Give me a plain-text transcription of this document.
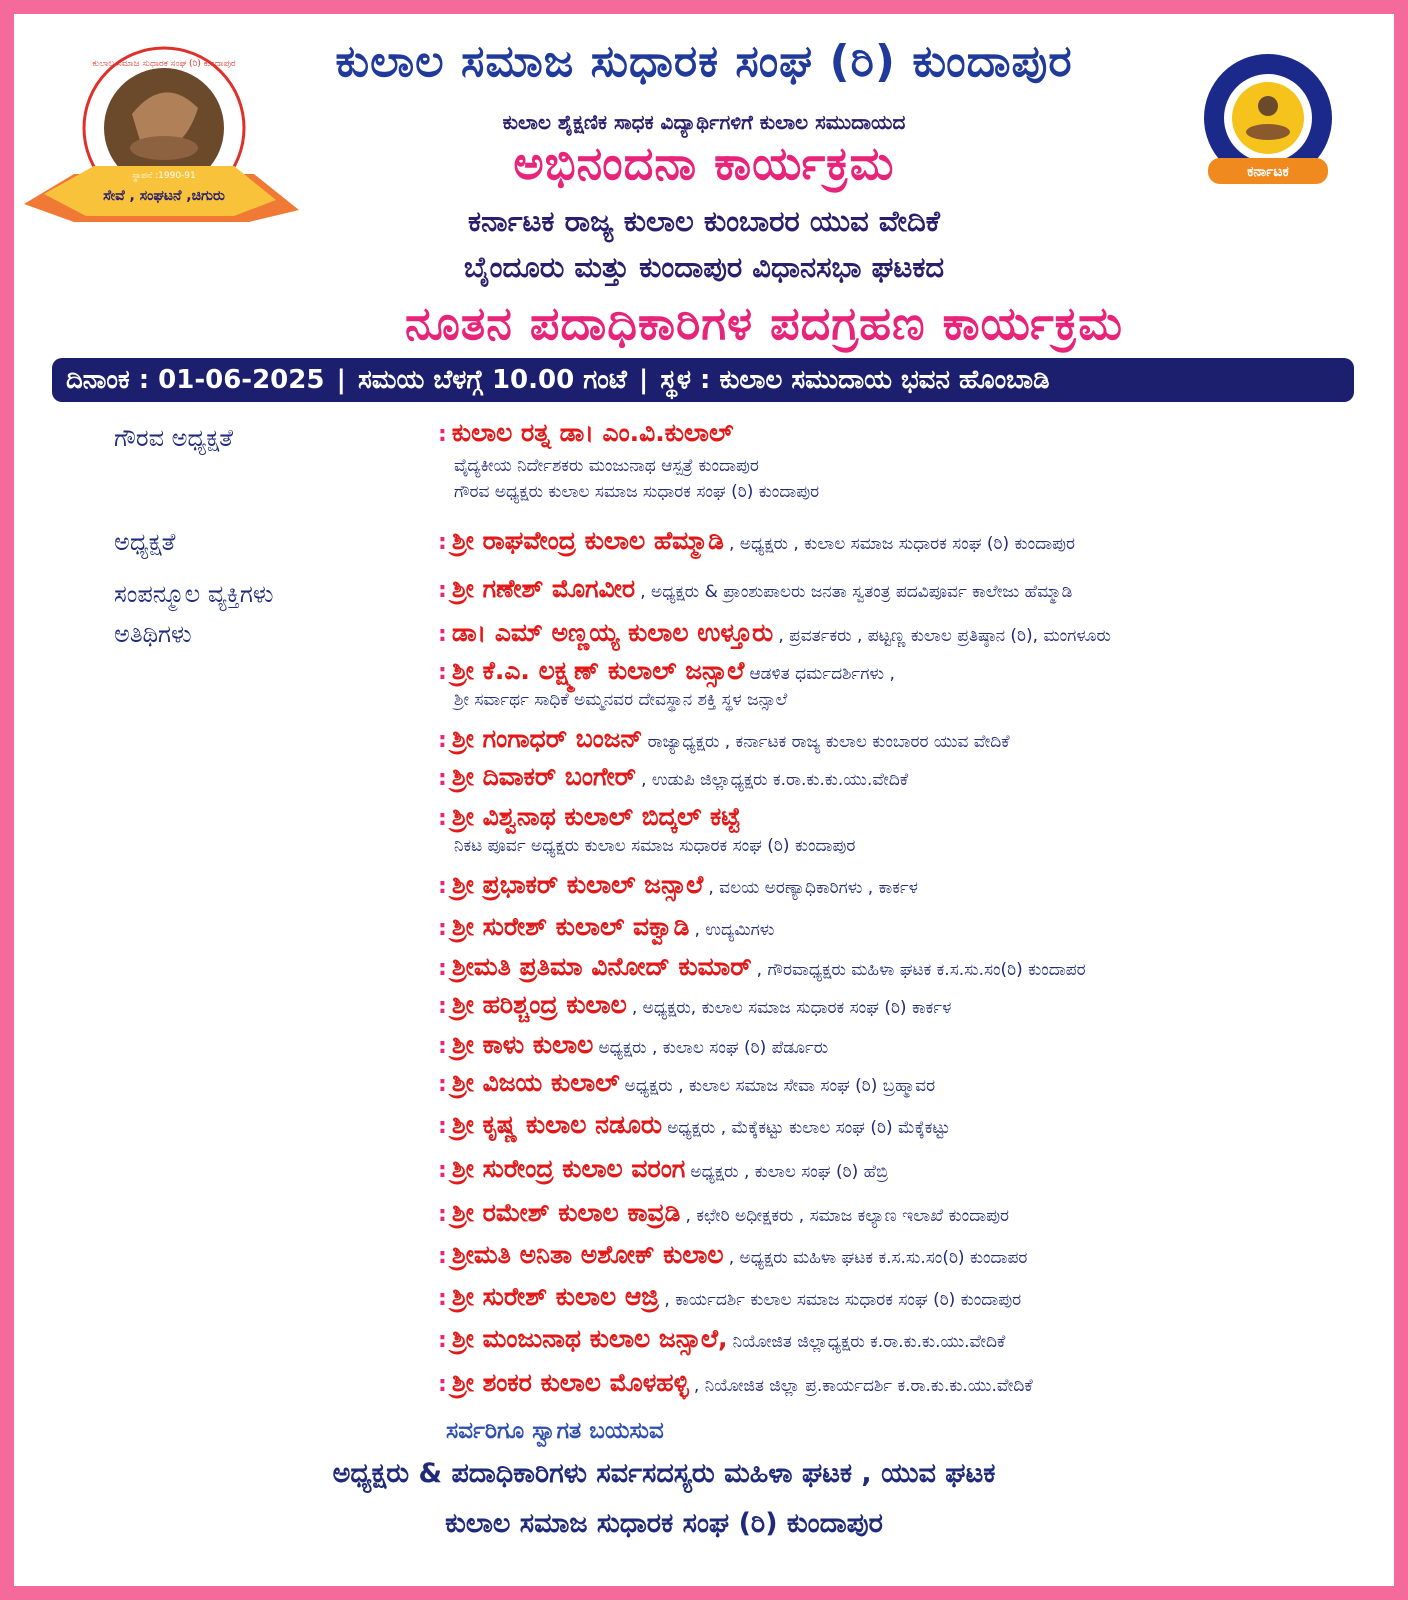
ಸ್ಥಾಪನೆ :1990-91
ಸೇವೆ , ಸಂಘಟನೆ ,ಚಿಗುರು
ಕುಲಾಲ ಸಮಾಜ ಸುಧಾರಕ ಸಂಘ (ರಿ) ಕುಂದಾಪುರ
ಕರ್ನಾಟಕ
ಕುಲಾಲ ಸಮಾಜ ಸುಧಾರಕ ಸಂಘ (ರಿ) ಕುಂದಾಪುರ
ಕುಲಾಲ ಶೈಕ್ಷಣಿಕ ಸಾಧಕ ವಿದ್ಯಾರ್ಥಿಗಳಿಗೆ ಕುಲಾಲ ಸಮುದಾಯದ
ಅಭಿನಂದನಾ ಕಾರ್ಯಕ್ರಮ
ಕರ್ನಾಟಕ ರಾಜ್ಯ ಕುಲಾಲ ಕುಂಬಾರರ ಯುವ ವೇದಿಕೆ
ಬೈಂದೂರು ಮತ್ತು ಕುಂದಾಪುರ ವಿಧಾನಸಭಾ ಘಟಕದ
ನೂತನ ಪದಾಧಿಕಾರಿಗಳ ಪದಗ್ರಹಣ ಕಾರ್ಯಕ್ರಮ
ದಿನಾಂಕ : 01-06-2025 | ಸಮಯ ಬೆಳಗ್ಗೆ 10.00 ಗಂಟೆ | ಸ್ಥಳ : ಕುಲಾಲ ಸಮುದಾಯ ಭವನ ಹೊಂಬಾಡಿ
ಗೌರವ ಅಧ್ಯಕ್ಷತೆ
ಅಧ್ಯಕ್ಷತೆ
ಸಂಪನ್ಮೂಲ ವ್ಯಕ್ತಿಗಳು
ಅತಿಥಿಗಳು
: ಕುಲಾಲ ರತ್ನ ಡಾ। ಎಂ.ವಿ.ಕುಲಾಲ್
ವೈದ್ಯಕೀಯ ನಿರ್ದೇಶಕರು ಮಂಜುನಾಥ ಆಸ್ಪತ್ರೆ ಕುಂದಾಪುರ
ಗೌರವ ಅಧ್ಯಕ್ಷರು ಕುಲಾಲ ಸಮಾಜ ಸುಧಾರಕ ಸಂಘ (ರಿ) ಕುಂದಾಪುರ
: ಶ್ರೀ ರಾಘವೇಂದ್ರ ಕುಲಾಲ ಹೆಮ್ಮಾಡಿ , ಅಧ್ಯಕ್ಷರು , ಕುಲಾಲ ಸಮಾಜ ಸುಧಾರಕ ಸಂಘ (ರಿ) ಕುಂದಾಪುರ
: ಶ್ರೀ ಗಣೇಶ್ ಮೊಗವೀರ , ಅಧ್ಯಕ್ಷರು & ಪ್ರಾಂಶುಪಾಲರು ಜನತಾ ಸ್ವತಂತ್ರ ಪದವಿಪೂರ್ವ ಕಾಲೇಜು ಹೆಮ್ಮಾಡಿ
: ಡಾ। ಎಮ್ ಅಣ್ಣಯ್ಯ ಕುಲಾಲ ಉಳ್ತೂರು , ಪ್ರವರ್ತಕರು , ಪಟ್ಟಣ್ಣ ಕುಲಾಲ ಪ್ರತಿಷ್ಠಾನ (ರಿ), ಮಂಗಳೂರು
: ಶ್ರೀ ಕೆ.ಎ. ಲಕ್ಷ್ಮಣ್ ಕುಲಾಲ್ ಜನ್ಸಾಲೆ ಆಡಳಿತ ಧರ್ಮದರ್ಶಿಗಳು ,
ಶ್ರೀ ಸರ್ವಾರ್ಥ ಸಾಧಿಕೆ ಅಮ್ಮನವರ ದೇವಸ್ಥಾನ ಶಕ್ತಿ ಸ್ಥಳ ಜನ್ಸಾಲೆ
: ಶ್ರೀ ಗಂಗಾಧರ್ ಬಂಜನ್ ರಾಜ್ಯಾಧ್ಯಕ್ಷರು , ಕರ್ನಾಟಕ ರಾಜ್ಯ ಕುಲಾಲ ಕುಂಬಾರರ ಯುವ ವೇದಿಕೆ
: ಶ್ರೀ ದಿವಾಕರ್ ಬಂಗೇರ್ , ಉಡುಪಿ ಜಿಲ್ಲಾಧ್ಯಕ್ಷರು ಕ.ರಾ.ಕು.ಕು.ಯು.ವೇದಿಕೆ
: ಶ್ರೀ ವಿಶ್ವನಾಥ ಕುಲಾಲ್ ಬಿದ್ಕಲ್ ಕಟ್ಟೆ
ನಿಕಟ ಪೂರ್ವ ಅಧ್ಯಕ್ಷರು ಕುಲಾಲ ಸಮಾಜ ಸುಧಾರಕ ಸಂಘ (ರಿ) ಕುಂದಾಪುರ
: ಶ್ರೀ ಪ್ರಭಾಕರ್ ಕುಲಾಲ್ ಜನ್ಸಾಲೆ , ವಲಯ ಅರಣ್ಯಾಧಿಕಾರಿಗಳು , ಕಾರ್ಕಳ
: ಶ್ರೀ ಸುರೇಶ್ ಕುಲಾಲ್ ವಕ್ವಾಡಿ , ಉದ್ಯಮಿಗಳು
: ಶ್ರೀಮತಿ ಪ್ರತಿಮಾ ವಿನೋದ್ ಕುಮಾರ್ , ಗೌರವಾಧ್ಯಕ್ಷರು ಮಹಿಳಾ ಘಟಕ ಕ.ಸ.ಸು.ಸಂ(ರಿ) ಕುಂದಾಪರ
: ಶ್ರೀ ಹರಿಶ್ಚಂದ್ರ ಕುಲಾಲ , ಅಧ್ಯಕ್ಷರು, ಕುಲಾಲ ಸಮಾಜ ಸುಧಾರಕ ಸಂಘ (ರಿ) ಕಾರ್ಕಳ
: ಶ್ರೀ ಕಾಳು ಕುಲಾಲ ಅಧ್ಯಕ್ಷರು , ಕುಲಾಲ ಸಂಘ (ರಿ) ಪೆರ್ಡೂರು
: ಶ್ರೀ ವಿಜಯ ಕುಲಾಲ್ ಅಧ್ಯಕ್ಷರು , ಕುಲಾಲ ಸಮಾಜ ಸೇವಾ ಸಂಘ (ರಿ) ಬ್ರಹ್ಮಾವರ
: ಶ್ರೀ ಕೃಷ್ಣ ಕುಲಾಲ ನಡೂರು ಅಧ್ಯಕ್ಷರು , ಮೆಕ್ಕೆಕಟ್ಟು ಕುಲಾಲ ಸಂಘ (ರಿ) ಮೆಕ್ಕೆಕಟ್ಟು
: ಶ್ರೀ ಸುರೇಂದ್ರ ಕುಲಾಲ ವರಂಗ ಅಧ್ಯಕ್ಷರು , ಕುಲಾಲ ಸಂಘ (ರಿ) ಹೆಬ್ರಿ
: ಶ್ರೀ ರಮೇಶ್ ಕುಲಾಲ ಕಾವ್ರಡಿ , ಕಛೇರಿ ಅಧೀಕ್ಷಕರು , ಸಮಾಜ ಕಲ್ಯಾಣ ಇಲಾಖೆ ಕುಂದಾಪುರ
: ಶ್ರೀಮತಿ ಅನಿತಾ ಅಶೋಕ್ ಕುಲಾಲ , ಅಧ್ಯಕ್ಷರು ಮಹಿಳಾ ಘಟಕ ಕ.ಸ.ಸು.ಸಂ(ರಿ) ಕುಂದಾಪರ
: ಶ್ರೀ ಸುರೇಶ್ ಕುಲಾಲ ಆಜ್ರಿ , ಕಾರ್ಯದರ್ಶಿ ಕುಲಾಲ ಸಮಾಜ ಸುಧಾರಕ ಸಂಘ (ರಿ) ಕುಂದಾಪುರ
: ಶ್ರೀ ಮಂಜುನಾಥ ಕುಲಾಲ ಜನ್ಸಾಲೆ, ನಿಯೋಜಿತ ಜಿಲ್ಲಾಧ್ಯಕ್ಷರು ಕ.ರಾ.ಕು.ಕು.ಯು.ವೇದಿಕೆ
: ಶ್ರೀ ಶಂಕರ ಕುಲಾಲ ಮೊಳಹಳ್ಳಿ , ನಿಯೋಜಿತ ಜಿಲ್ಲಾ ಪ್ರ.ಕಾರ್ಯದರ್ಶಿ ಕ.ರಾ.ಕು.ಕು.ಯು.ವೇದಿಕೆ
ಸರ್ವರಿಗೂ ಸ್ವಾಗತ ಬಯಸುವ
ಅಧ್ಯಕ್ಷರು & ಪದಾಧಿಕಾರಿಗಳು ಸರ್ವಸದಸ್ಯರು ಮಹಿಳಾ ಘಟಕ , ಯುವ ಘಟಕ
ಕುಲಾಲ ಸಮಾಜ ಸುಧಾರಕ ಸಂಘ (ರಿ) ಕುಂದಾಪುರ
